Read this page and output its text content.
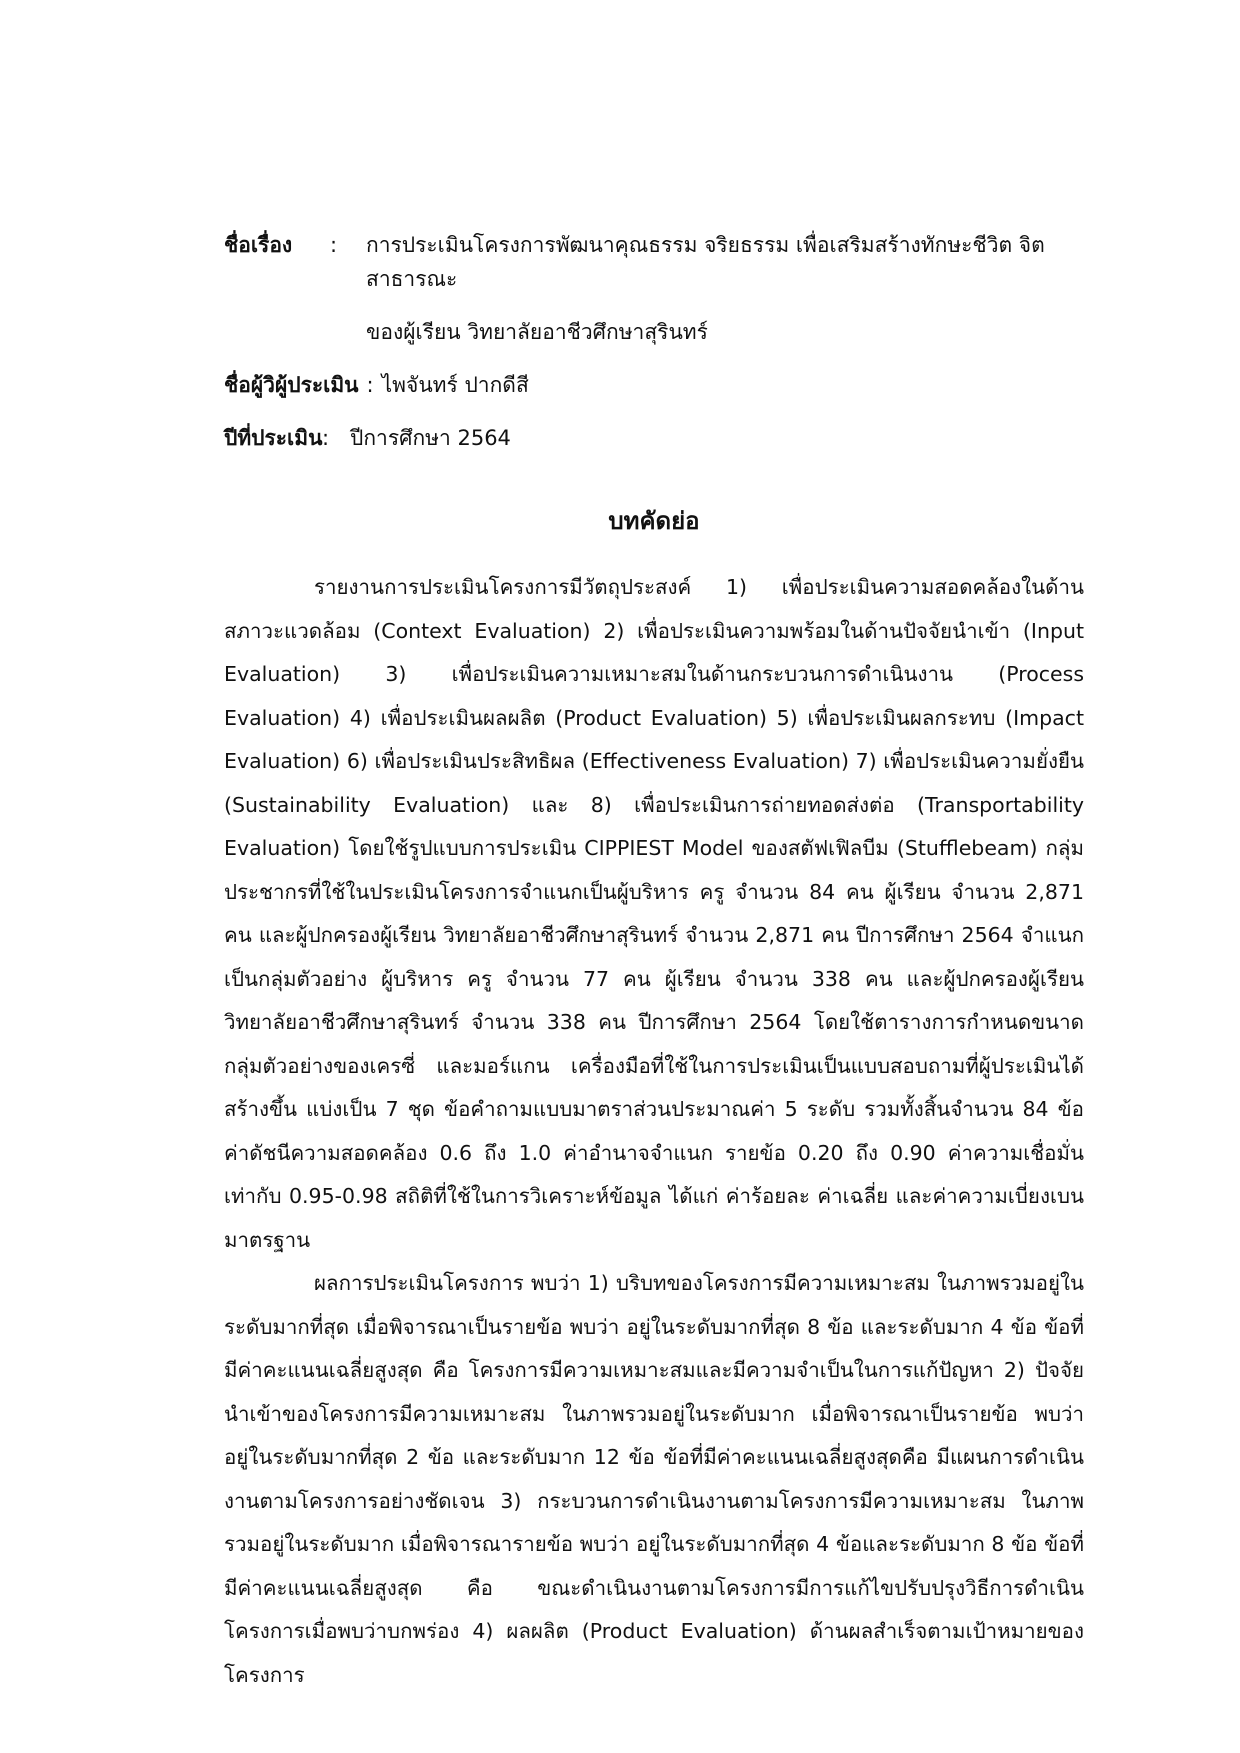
ชื่อเรื่อง	:	การประเมินโครงการพัฒนาคุณธรรม จริยธรรม เพื่อเสริมสร้างทักษะชีวิต จิตสาธารณะ
ของผู้เรียน วิทยาลัยอาชีวศึกษาสุรินทร์
ชื่อผู้วิผู้ประเมิน : ไพจันทร์ ปากดีสี
ปีที่ประเมิน : ปีการศึกษา 2564
บทคัดย่อ

รายงานการประเมินโครงการมีวัตถุประสงค์ 1) เพื่อประเมินความสอดคล้องในด้านสภาวะแวดล้อม (Context Evaluation) 2) เพื่อประเมินความพร้อมในด้านปัจจัยนำเข้า (Input Evaluation) 3) เพื่อประเมินความเหมาะสมในด้านกระบวนการดำเนินงาน (Process Evaluation) 4) เพื่อประเมินผลผลิต (Product Evaluation) 5) เพื่อประเมินผลกระทบ (Impact Evaluation) 6) เพื่อประเมินประสิทธิผล (Effectiveness Evaluation) 7) เพื่อประเมินความยั่งยืน (Sustainability Evaluation) และ 8) เพื่อประเมินการถ่ายทอดส่งต่อ (Transportability Evaluation) โดยใช้รูปแบบการประเมิน CIPPIEST Model ของสตัฟเฟิลบีม (Stufflebeam) กลุ่มประชากรที่ใช้ในประเมินโครงการจำแนกเป็นผู้บริหาร ครู จำนวน 84 คน ผู้เรียน จำนวน 2,871 คน และผู้ปกครองผู้เรียน วิทยาลัยอาชีวศึกษาสุรินทร์ จำนวน 2,871 คน ปีการศึกษา 2564 จำแนกเป็นกลุ่มตัวอย่าง ผู้บริหาร ครู จำนวน 77 คน ผู้เรียน จำนวน 338 คน และผู้ปกครองผู้เรียน วิทยาลัยอาชีวศึกษาสุรินทร์ จำนวน 338 คน ปีการศึกษา 2564 โดยใช้ตารางการกำหนดขนาดกลุ่มตัวอย่างของเครซี่ และมอร์แกน เครื่องมือที่ใช้ในการประเมินเป็นแบบสอบถามที่ผู้ประเมินได้สร้างขึ้น แบ่งเป็น 7 ชุด ข้อคำถามแบบมาตราส่วนประมาณค่า 5 ระดับ รวมทั้งสิ้นจำนวน 84 ข้อ ค่าดัชนีความสอดคล้อง 0.6 ถึง 1.0 ค่าอำนาจจำแนก รายข้อ 0.20 ถึง 0.90 ค่าความเชื่อมั่น เท่ากับ 0.95-0.98 สถิติที่ใช้ในการวิเคราะห์ข้อมูล ได้แก่ ค่าร้อยละ ค่าเฉลี่ย และค่าความเบี่ยงเบนมาตรฐาน

ผลการประเมินโครงการ พบว่า 1) บริบทของโครงการมีความเหมาะสม ในภาพรวมอยู่ในระดับมากที่สุด เมื่อพิจารณาเป็นรายข้อ พบว่า อยู่ในระดับมากที่สุด 8 ข้อ และระดับมาก 4 ข้อ ข้อที่มีค่าคะแนนเฉลี่ยสูงสุด คือ โครงการมีความเหมาะสมและมีความจำเป็นในการแก้ปัญหา 2) ปัจจัยนำเข้าของโครงการมีความเหมาะสม ในภาพรวมอยู่ในระดับมาก เมื่อพิจารณาเป็นรายข้อ พบว่า อยู่ในระดับมากที่สุด 2 ข้อ และระดับมาก 12 ข้อ ข้อที่มีค่าคะแนนเฉลี่ยสูงสุดคือ มีแผนการดำเนินงานตามโครงการอย่างชัดเจน 3) กระบวนการดำเนินงานตามโครงการมีความเหมาะสม ในภาพรวมอยู่ในระดับมาก เมื่อพิจารณารายข้อ พบว่า อยู่ในระดับมากที่สุด 4 ข้อและระดับมาก 8 ข้อ ข้อที่มีค่าคะแนนเฉลี่ยสูงสุด คือ ขณะดำเนินงานตามโครงการมีการแก้ไขปรับปรุงวิธีการดำเนินโครงการเมื่อพบว่าบกพร่อง 4) ผลผลิต (Product Evaluation) ด้านผลสำเร็จตามเป้าหมายของโครงการ
